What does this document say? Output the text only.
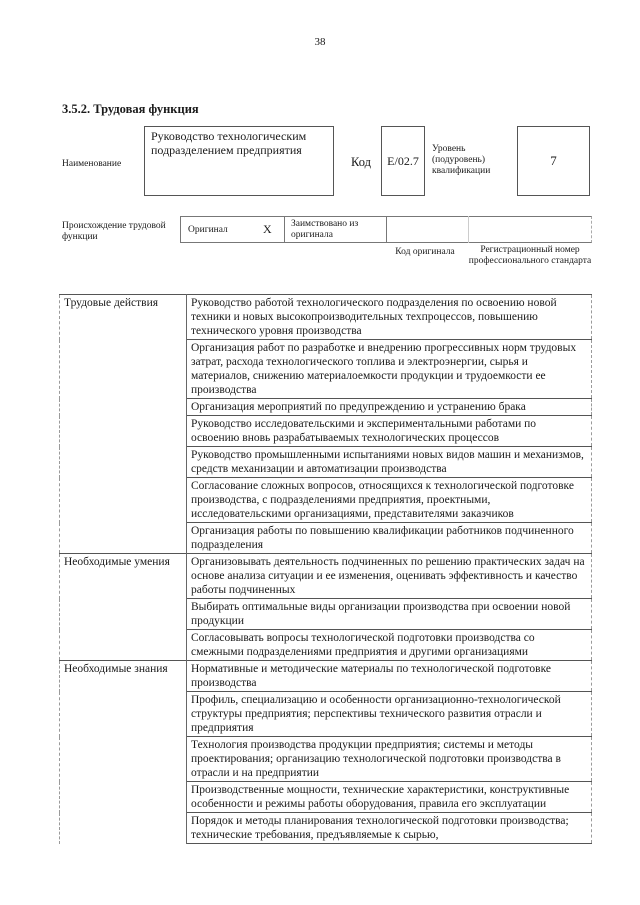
38
3.5.2. Трудовая функция
Наименование
Руководство технологическим подразделением предприятия
Код	Е/02.7
Уровень (подуровень) квалификации
7
Происхождение трудовой функции
Оригинал	X Заимствовано из оригинала
Код оригинала	Регистрационный номер профессионального стандарта
Трудовые действия	Руководство работой технологического подразделения по освоению новой техники и новых высокопроизводительных техпроцессов, повышению технического уровня производства
	Организация работ по разработке и внедрению прогрессивных норм трудовых затрат, расхода технологического топлива и электроэнергии, сырья и материалов, снижению материалоемкости продукции и трудоемкости ее производства
	Организация мероприятий по предупреждению и устранению брака
	Руководство исследовательскими и экспериментальными работами по освоению вновь разрабатываемых технологических процессов
	Руководство промышленными испытаниями новых видов машин и механизмов, средств механизации и автоматизации производства
	Согласование сложных вопросов, относящихся к технологической подготовке производства, с подразделениями предприятия, проектными, исследовательскими организациями, представителями заказчиков
	Организация работы по повышению квалификации работников подчиненного подразделения
Необходимые умения	Организовывать деятельность подчиненных по решению практических задач на основе анализа ситуации и ее изменения, оценивать эффективность и качество работы подчиненных
	Выбирать оптимальные виды организации производства при освоении новой продукции
	Согласовывать вопросы технологической подготовки производства со смежными подразделениями предприятия и другими организациями
Необходимые знания	Нормативные и методические материалы по технологической подготовке производства
	Профиль, специализацию и особенности организационно-технологической структуры предприятия; перспективы технического развития отрасли и предприятия
	Технология производства продукции предприятия; системы и методы проектирования; организацию технологической подготовки производства в отрасли и на предприятии
	Производственные мощности, технические характеристики, конструктивные особенности и режимы работы оборудования, правила его эксплуатации
	Порядок и методы планирования технологической подготовки производства; технические требования, предъявляемые к сырью,
